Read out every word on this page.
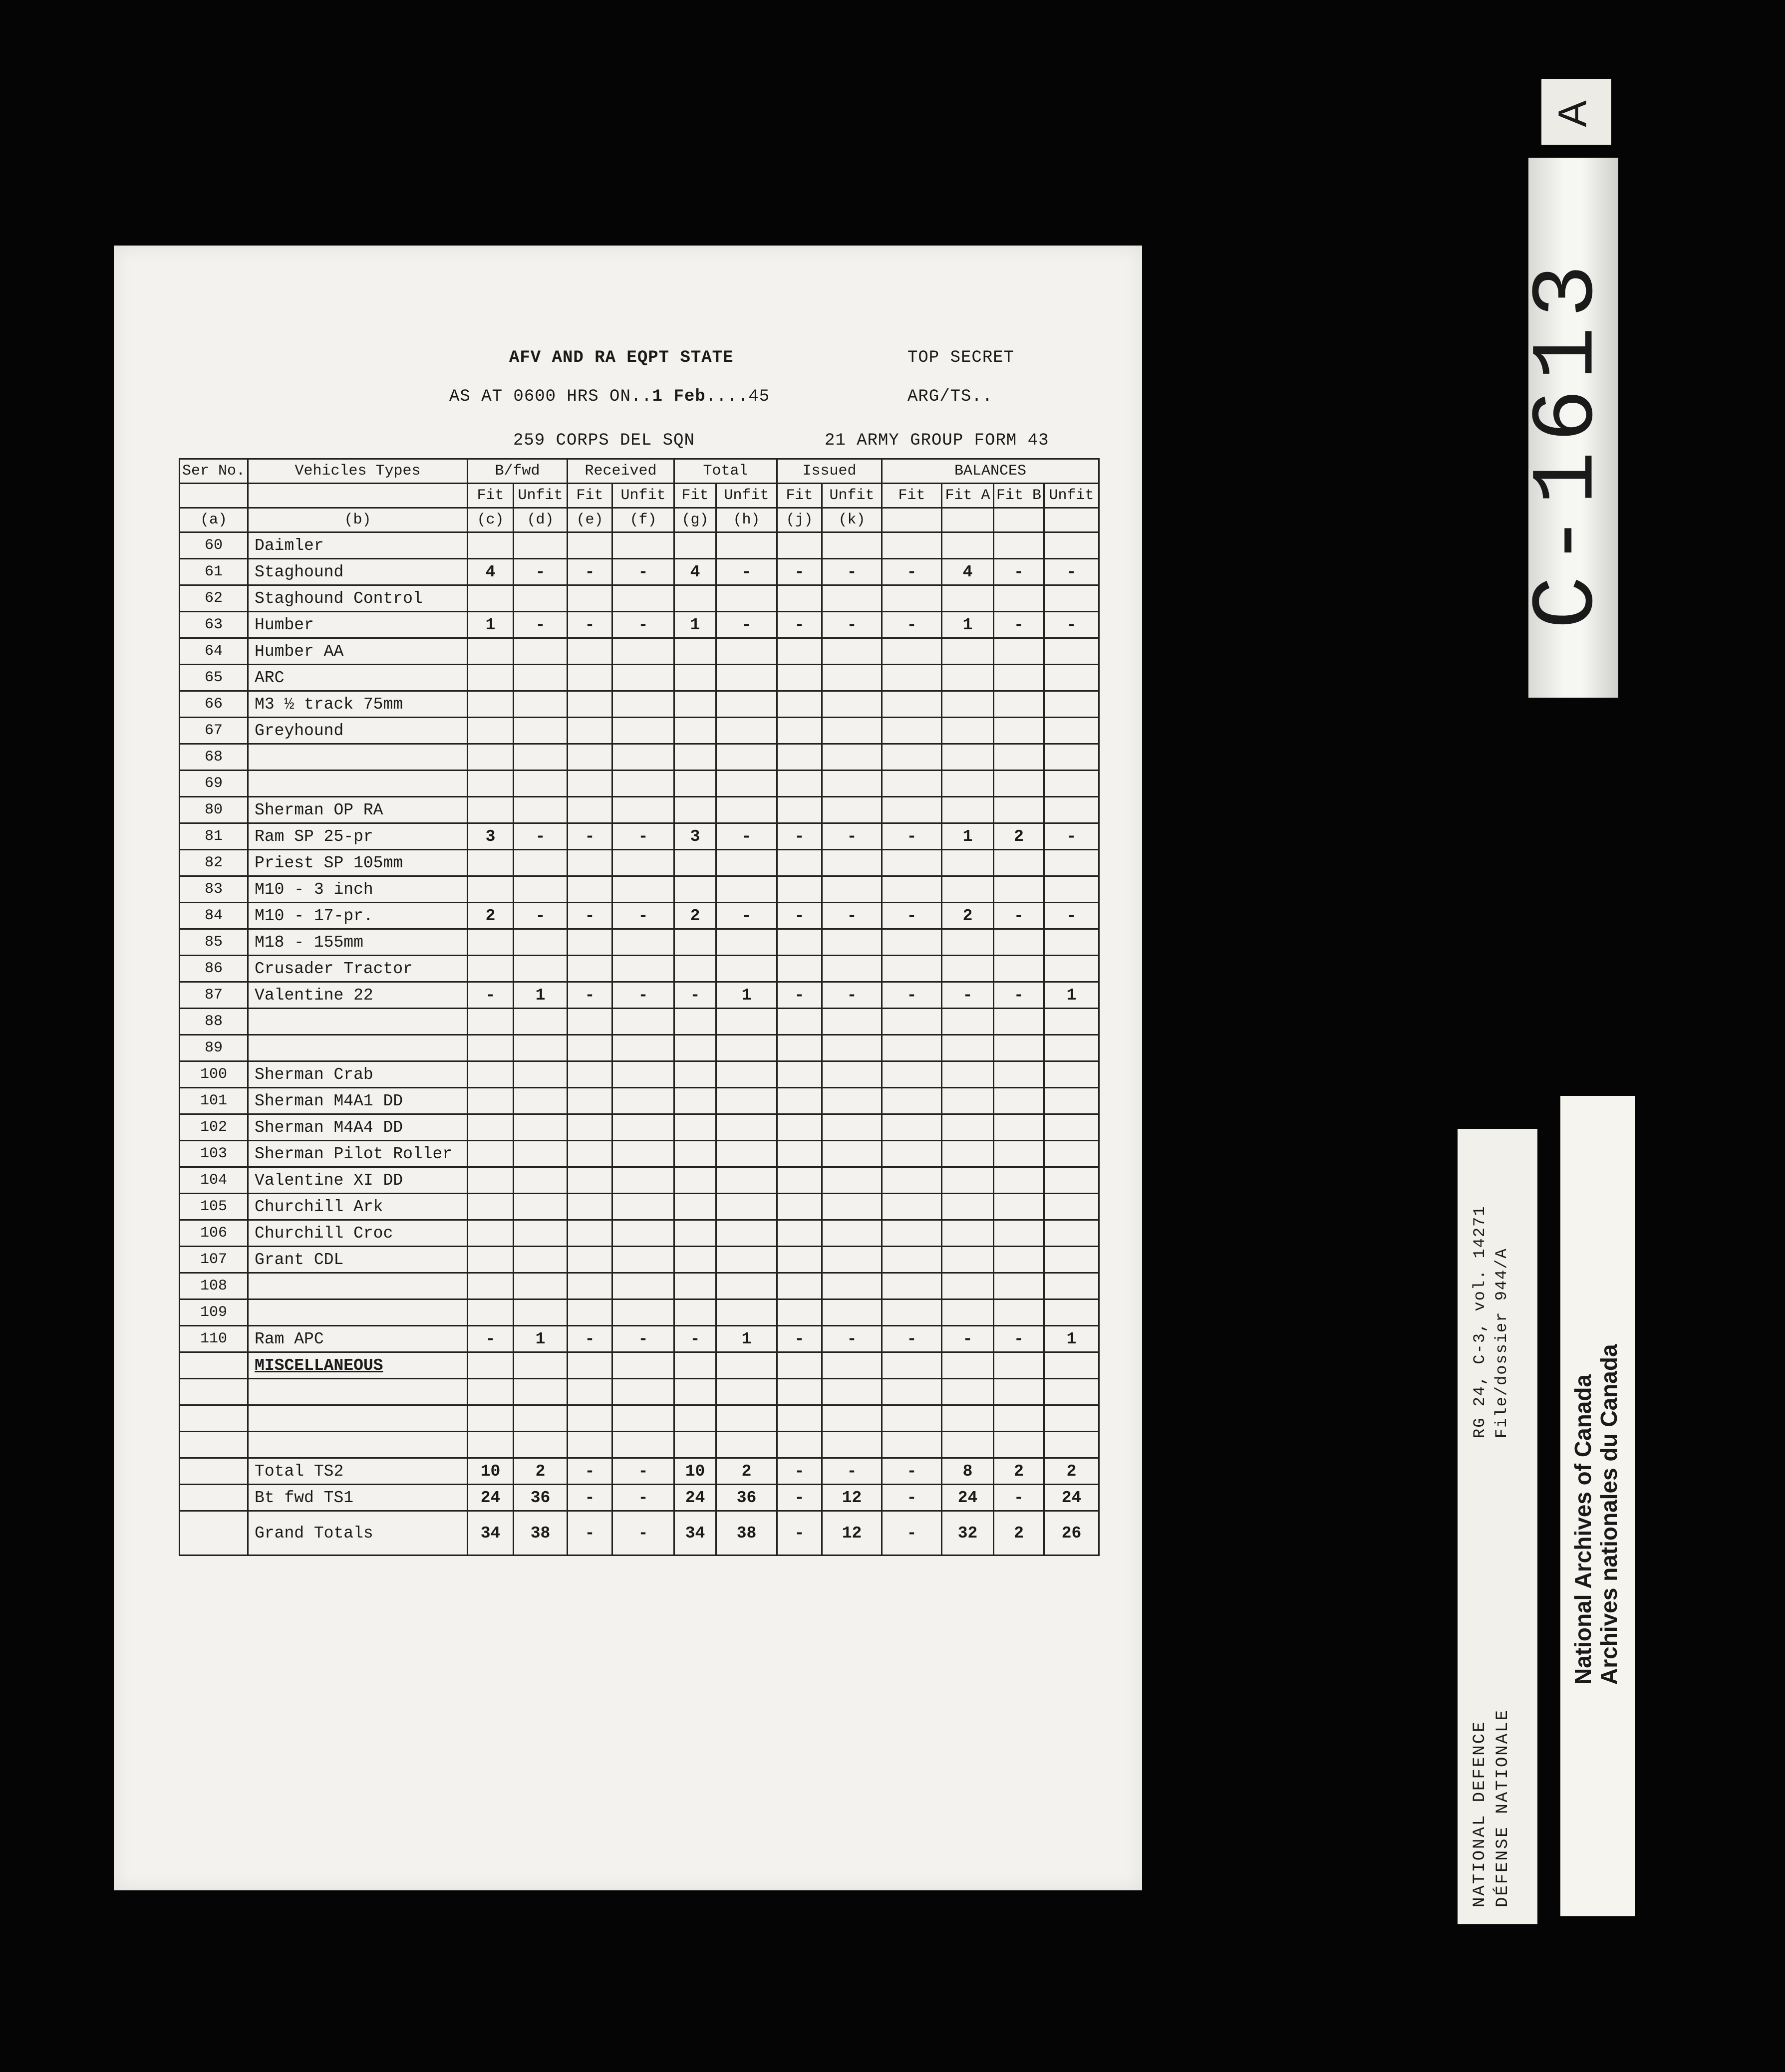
AFV AND RA EQPT STATE	TOP SECRET
AS AT 0600 HRS ON..1 Feb....45	ARG/TS..
259 CORPS DEL SQN	21 ARMY GROUP FORM 43
Ser No.	Vehicles Types	B/fwd		Received		Total		Issued		BALANCES			
		Fit	Unfit	Fit	Unfit	Fit	Unfit	Fit	Unfit	Fit	Fit A	Fit B	Unfit
(a)	(b)	(c)	(d)	(e)	(f)	(g)	(h)	(j)	(k)				
60	Daimler												
61	Staghound	4	-	-	-	4	-	-	-	-	4	-	-
62	Staghound Control												
63	Humber	1	-	-	-	1	-	-	-	-	1	-	-
64	Humber AA												
65	ARC												
66	M3 ½ track 75mm												
67	Greyhound												
68													
69													
80	Sherman OP RA												
81	Ram SP 25-pr	3	-	-	-	3	-	-	-	-	1	2	-
82	Priest SP 105mm												
83	M10 - 3 inch												
84	M10 - 17-pr.	2	-	-	-	2	-	-	-	-	2	-	-
85	M18 - 155mm												
86	Crusader Tractor												
87	Valentine 22	-	1	-	-	-	1	-	-	-	-	-	1
88													
89													
100	Sherman Crab												
101	Sherman M4A1 DD												
102	Sherman M4A4 DD												
103	Sherman Pilot Roller												
104	Valentine XI DD												
105	Churchill Ark												
106	Churchill Croc												
107	Grant CDL												
108													
109													
110	Ram APC	-	1	-	-	-	1	-	-	-	-	-	1
	MISCELLANEOUS												

	Total TS2	10	2	-	-	10	2	-	-	-	8	2	2
	Bt fwd TS1	24	36	-	-	24	36	-	12	-	24	-	24
	Grand Totals	34	38	-	-	34	38	-	12	-	32	2	26
A
C-1613
NATIONAL DEFENCE DÉFENSE NATIONALE
RG 24, C-3, vol. 14271 File/dossier 944/A
National Archives of Canada Archives nationales du Canada
